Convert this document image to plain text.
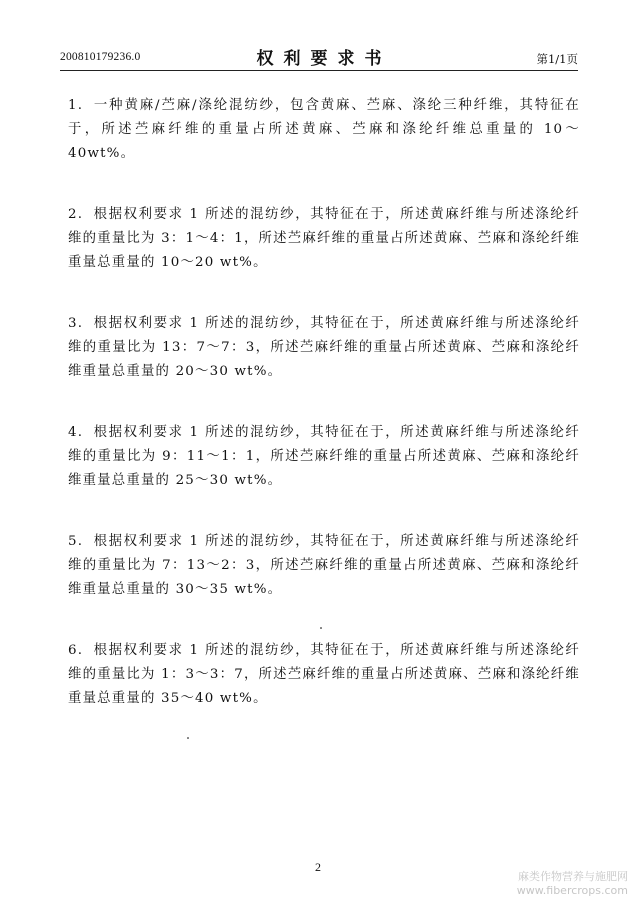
200810179236.0	权利要求书	第1/1页

1. 一种黄麻/苎麻/涤纶混纺纱，包含黄麻、苎麻、涤纶三种纤维，其特征在于，所述苎麻纤维的重量占所述黄麻、苎麻和涤纶纤维总重量的 10～40wt%。

2. 根据权利要求 1 所述的混纺纱，其特征在于，所述黄麻纤维与所述涤纶纤维的重量比为 3：1～4：1，所述苎麻纤维的重量占所述黄麻、苎麻和涤纶纤维重量总重量的 10～20 wt%。

3. 根据权利要求 1 所述的混纺纱，其特征在于，所述黄麻纤维与所述涤纶纤维的重量比为 13：7～7：3，所述苎麻纤维的重量占所述黄麻、苎麻和涤纶纤维重量总重量的 20～30 wt%。

4. 根据权利要求 1 所述的混纺纱，其特征在于，所述黄麻纤维与所述涤纶纤维的重量比为 9：11～1：1，所述苎麻纤维的重量占所述黄麻、苎麻和涤纶纤维重量总重量的 25～30 wt%。

5. 根据权利要求 1 所述的混纺纱，其特征在于，所述黄麻纤维与所述涤纶纤维的重量比为 7：13～2：3，所述苎麻纤维的重量占所述黄麻、苎麻和涤纶纤维重量总重量的 30～35 wt%。

6. 根据权利要求 1 所述的混纺纱，其特征在于，所述黄麻纤维与所述涤纶纤维的重量比为 1：3～3：7，所述苎麻纤维的重量占所述黄麻、苎麻和涤纶纤维重量总重量的 35～40 wt%。

2
麻类作物营养与施肥网
www.fibercrops.com
